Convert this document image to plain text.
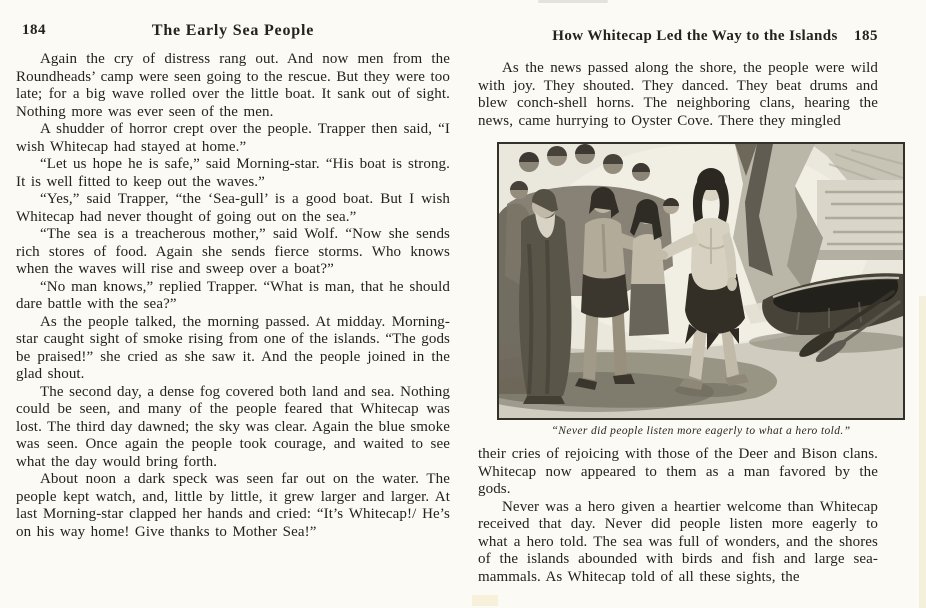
184	The Early Sea People

Again the cry of distress rang out. And now men from the Roundheads’ camp were seen going to the rescue. But they were too late; for a big wave rolled over the little boat. It sank out of sight. Nothing more was ever seen of the men.

A shudder of horror crept over the people. Trapper then said, “I wish Whitecap had stayed at home.”

“Let us hope he is safe,” said Morning-star. “His boat is strong. It is well fitted to keep out the waves.”

“Yes,” said Trapper, “the ‘Sea-gull’ is a good boat. But I wish Whitecap had never thought of going out on the sea.”

“The sea is a treacherous mother,” said Wolf. “Now she sends rich stores of food. Again she sends fierce storms. Who knows when the waves will rise and sweep over a boat?”

“No man knows,” replied Trapper. “What is man, that he should dare battle with the sea?”

As the people talked, the morning passed. At midday. Morning-star caught sight of smoke rising from one of the islands. “The gods be praised!” she cried as she saw it. And the people joined in the glad shout.

The second day, a dense fog covered both land and sea. Nothing could be seen, and many of the people feared that Whitecap was lost. The third day dawned; the sky was clear. Again the blue smoke was seen. Once again the people took courage, and waited to see what the day would bring forth.

About noon a dark speck was seen far out on the water. The people kept watch, and, little by little, it grew larger and larger. At last Morning-star clapped her hands and cried: “It’s Whitecap!/ He’s on his way home! Give thanks to Mother Sea!”

How Whitecap Led the Way to the Islands	185

As the news passed along the shore, the people were wild with joy. They shouted. They danced. They beat drums and blew conch-shell horns. The neighboring clans, hearing the news, came hurrying to Oyster Cove. There they mingled

“Never did people listen more eagerly to what a hero told.”

their cries of rejoicing with those of the Deer and Bison clans. Whitecap now appeared to them as a man favored by the gods.

Never was a hero given a heartier welcome than Whitecap received that day. Never did people listen more eagerly to what a hero told. The sea was full of wonders, and the shores of the islands abounded with birds and fish and large sea-mammals. As Whitecap told of all these sights, the
